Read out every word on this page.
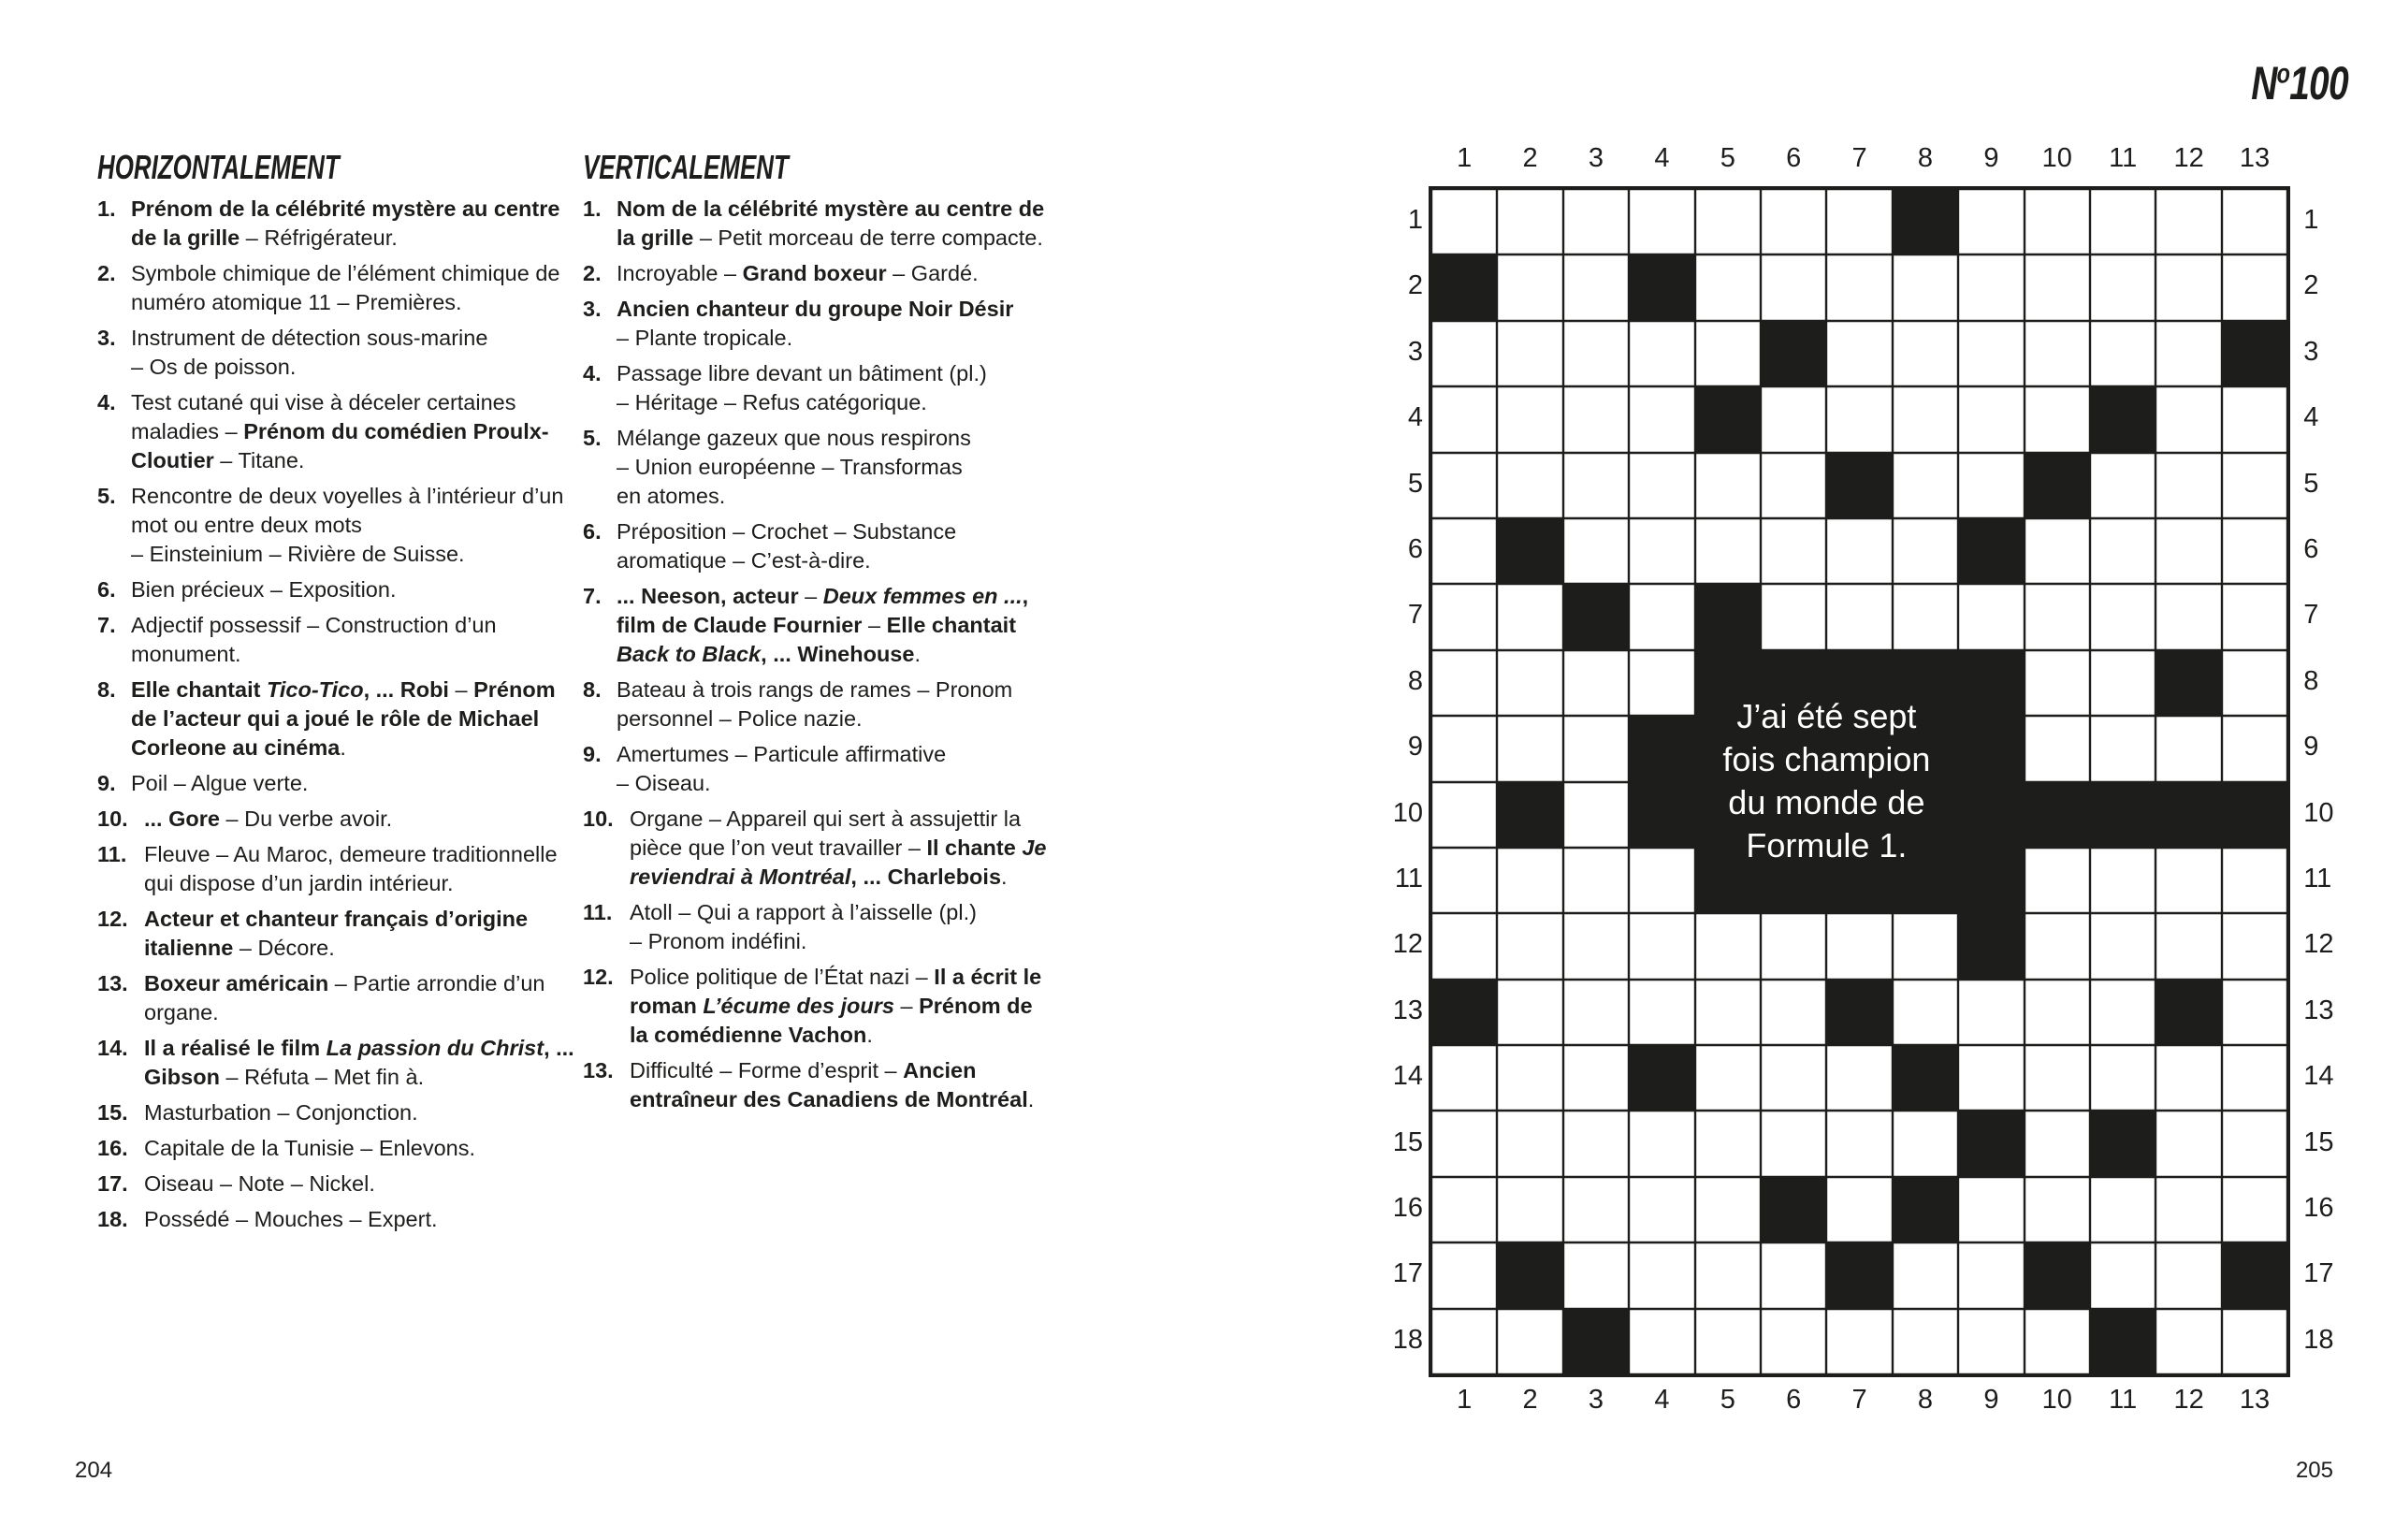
$N^o100$
HORIZONTALEMENT
1. Prénom de la célébrité mystère au centre de la grille – Réfrigérateur.
2. Symbole chimique de l’élément chimique de numéro atomique 11 – Premières.
3. Instrument de détection sous-marine
– Os de poisson.
4. Test cutané qui vise à déceler certaines maladies – Prénom du comédien Proulx-Cloutier – Titane.
5. Rencontre de deux voyelles à l’intérieur d’un mot ou entre deux mots
– Einsteinium – Rivière de Suisse.
6. Bien précieux – Exposition.
7. Adjectif possessif – Construction d’un monument.
8. Elle chantait Tico-Tico, ... Robi – Prénom de l’acteur qui a joué le rôle de Michael Corleone au cinéma.
9. Poil – Algue verte.
10. ... Gore – Du verbe avoir.
11. Fleuve – Au Maroc, demeure traditionnelle qui dispose d’un jardin intérieur.
12. Acteur et chanteur français d’origine italienne – Décore.
13. Boxeur américain – Partie arrondie d’un organe.
14. Il a réalisé le film La passion du Christ, ... Gibson – Réfuta – Met fin à.
15. Masturbation – Conjonction.
16. Capitale de la Tunisie – Enlevons.
17. Oiseau – Note – Nickel.
18. Possédé – Mouches – Expert.
VERTICALEMENT
1. Nom de la célébrité mystère au centre de la grille – Petit morceau de terre compacte.
2. Incroyable – Grand boxeur – Gardé.
3. Ancien chanteur du groupe Noir Désir
– Plante tropicale.
4. Passage libre devant un bâtiment (pl.)
– Héritage – Refus catégorique.
5. Mélange gazeux que nous respirons
– Union européenne – Transformas
en atomes.
6. Préposition – Crochet – Substance aromatique – C’est-à-dire.
7. ... Neeson, acteur – Deux femmes en ..., film de Claude Fournier – Elle chantait Back to Black, ... Winehouse.
8. Bateau à trois rangs de rames – Pronom personnel – Police nazie.
9. Amertumes – Particule affirmative
– Oiseau.
10. Organe – Appareil qui sert à assujettir la pièce que l’on veut travailler – Il chante Je reviendrai à Montréal, ... Charlebois.
11. Atoll – Qui a rapport à l’aisselle (pl.)
– Pronom indéfini.
12. Police politique de l’État nazi – Il a écrit le roman L’écume des jours – Prénom de la comédienne Vachon.
13. Difficulté – Forme d’esprit – Ancien entraîneur des Canadiens de Montréal.
1	2	3	4	5	6	7	8	9	10	11	12	13
1	2	3	4	5	6	7	8	9	10	11	12	13
1
2
3
4
5
6
7
8
9
10
11
12
13
14
15
16
17
18
1
2
3
4
5
6
7
8
9
10
11
12
13
14
15
16
17
18
J’ai été sept
fois champion
du monde de
Formule 1.
204	205
